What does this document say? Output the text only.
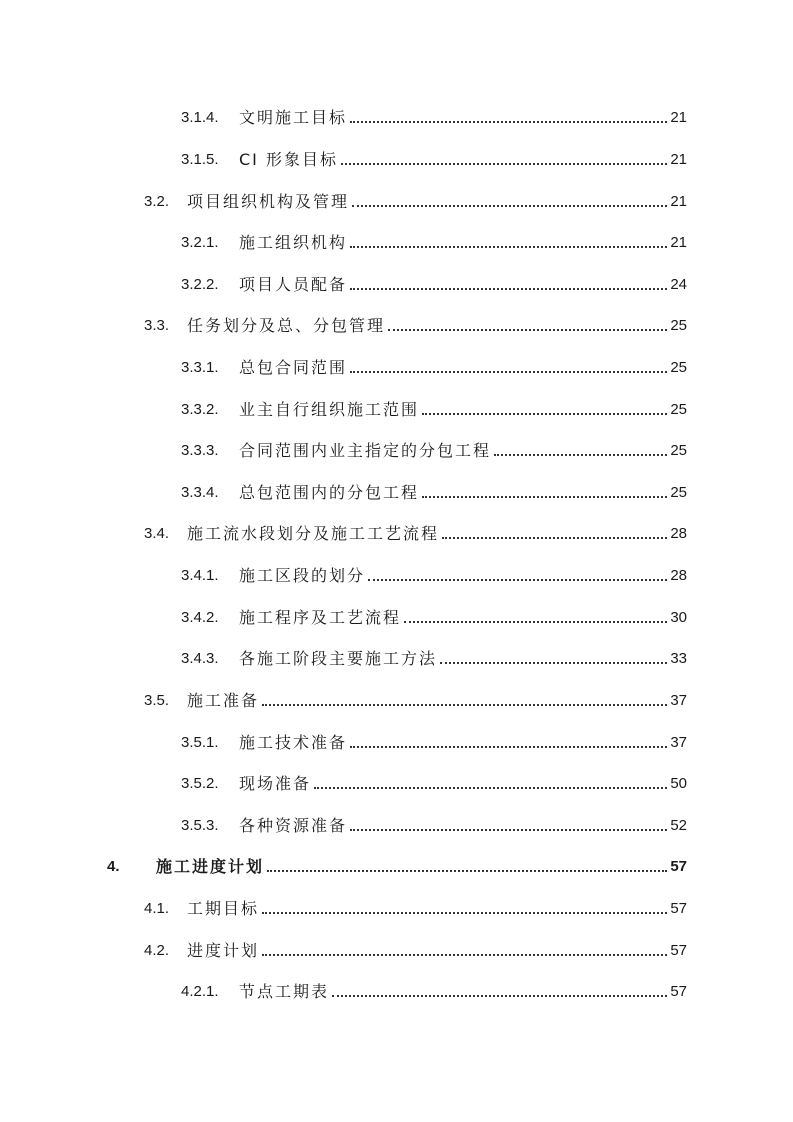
3.1.4.	文明施工目标	21
3.1.5.	CI 形象目标	21
3.2.	项目组织机构及管理	21
3.2.1.	施工组织机构	21
3.2.2.	项目人员配备	24
3.3.	任务划分及总、分包管理	25
3.3.1.	总包合同范围	25
3.3.2.	业主自行组织施工范围	25
3.3.3.	合同范围内业主指定的分包工程	25
3.3.4.	总包范围内的分包工程	25
3.4.	施工流水段划分及施工工艺流程	28
3.4.1.	施工区段的划分	28
3.4.2.	施工程序及工艺流程	30
3.4.3.	各施工阶段主要施工方法	33
3.5.	施工准备	37
3.5.1.	施工技术准备	37
3.5.2.	现场准备	50
3.5.3.	各种资源准备	52
4.	施工进度计划	57
4.1.	工期目标	57
4.2.	进度计划	57
4.2.1.	节点工期表	57
